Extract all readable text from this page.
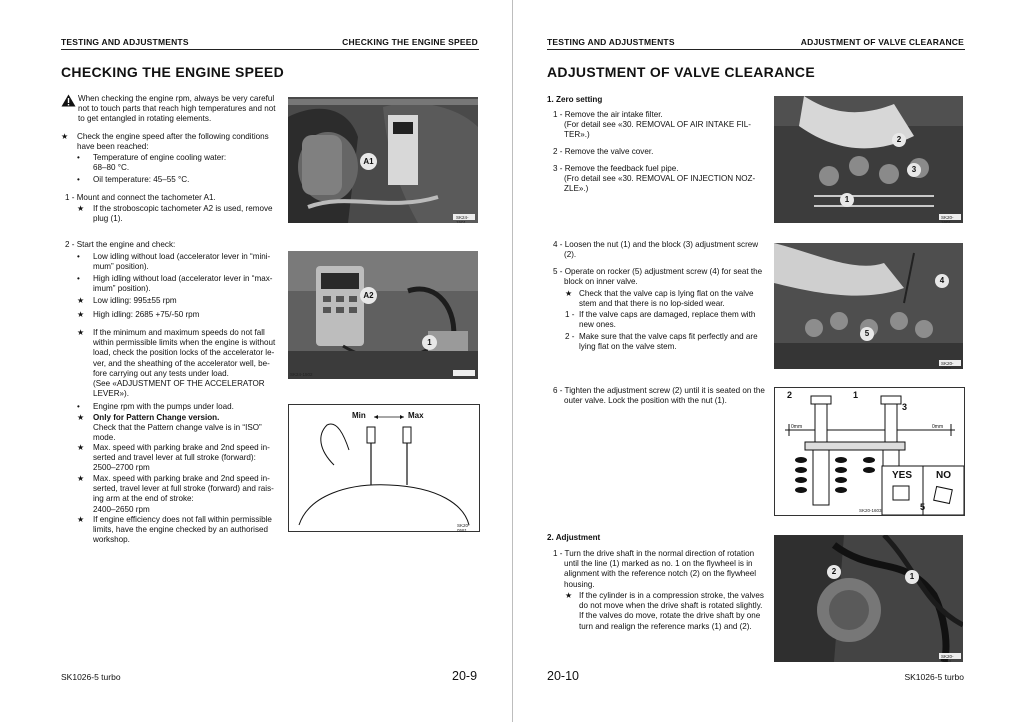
TESTING AND ADJUSTMENTS	CHECKING THE ENGINE SPEED
CHECKING THE ENGINE SPEED
When checking the engine rpm, always be very careful
not to touch parts that reach high temperatures and not
to get entangled in rotating elements.
★ Check the engine speed after the following conditions
have been reached:
• Temperature of engine cooling water:
68–80 °C.
• Oil temperature: 45–55 °C.
1 - Mount and connect the tachometer A1.
★ If the stroboscopic tachometer A2 is used, remove
plug (1).
2 - Start the engine and check:
• Low idling without load (accelerator lever in “mini-
mum” position).
• High idling without load (accelerator lever in “max-
imum” position).
★ Low idling: 995±55 rpm
★ High idling: 2685 +75/-50 rpm
★ If the minimum and maximum speeds do not fall
within permissible limits when the engine is without
load, check the position locks of the accelerator le-
ver, and the sheathing of the accelerator well, be-
fore carrying out any tests under load.
(See «ADJUSTMENT OF THE ACCELERATOR
LEVER»).
• Engine rpm with the pumps under load.
★ Only for Pattern Change version.
Check that the Pattern change valve is in “ISO”
mode.
★ Max. speed with parking brake and 2nd speed in-
serted and travel lever at full stroke (forward):
2500–2700 rpm
★ Max. speed with parking brake and 2nd speed in-
serted, travel lever at full stroke (forward) and rais-
ing arm at the end of stroke:
2400–2650 rpm
★ If engine efficiency does not fall within permissible
limits, have the engine checked by an authorised
workshop.
A1
SK24-1501
A2
1
SK24-1502
Min	Max
SK20-0581
SK1026-5 turbo	20-9
TESTING AND ADJUSTMENTS	ADJUSTMENT OF VALVE CLEARANCE
ADJUSTMENT OF VALVE CLEARANCE
1. Zero setting
1 - Remove the air intake filter.
(For detail see «30. REMOVAL OF AIR INTAKE FIL-
TER».)
2 - Remove the valve cover.
3 - Remove the feedback fuel pipe.
(Fro detail see «30. REMOVAL OF INJECTION NOZ-
ZLE».)
4 - Loosen the nut (1) and the block (3) adjustment screw
(2).
5 - Operate on rocker (5) adjustment screw (4) for seat the
block on inner valve.
★ Check that the valve cap is lying flat on the valve
stem and that there is no lop-sided wear.
1 - If the valve caps are damaged, replace them with
new ones.
2 - Make sure that the valve caps fit perfectly and are
lying flat on the valve stem.
6 - Tighten the adjustment screw (2) until it is seated on the
outer valve. Lock the position with the nut (1).
2. Adjustment
1 - Turn the drive shaft in the normal direction of rotation
until the line (1) marked as no. 1 on the flywheel is in
alignment with the reference notch (2) on the flywheel
housing.
★ If the cylinder is in a compression stroke, the valves
do not move when the drive shaft is rotated slightly.
If the valves do move, rotate the drive shaft by one
turn and realign the reference marks (1) and (2).
2
3
1
SK20-1601
4
5
SK20-1602
2	1
3
5
0mm	0mm
YES NO
SK20-1603
2
1
SK20-1604
20-10	SK1026-5 turbo
